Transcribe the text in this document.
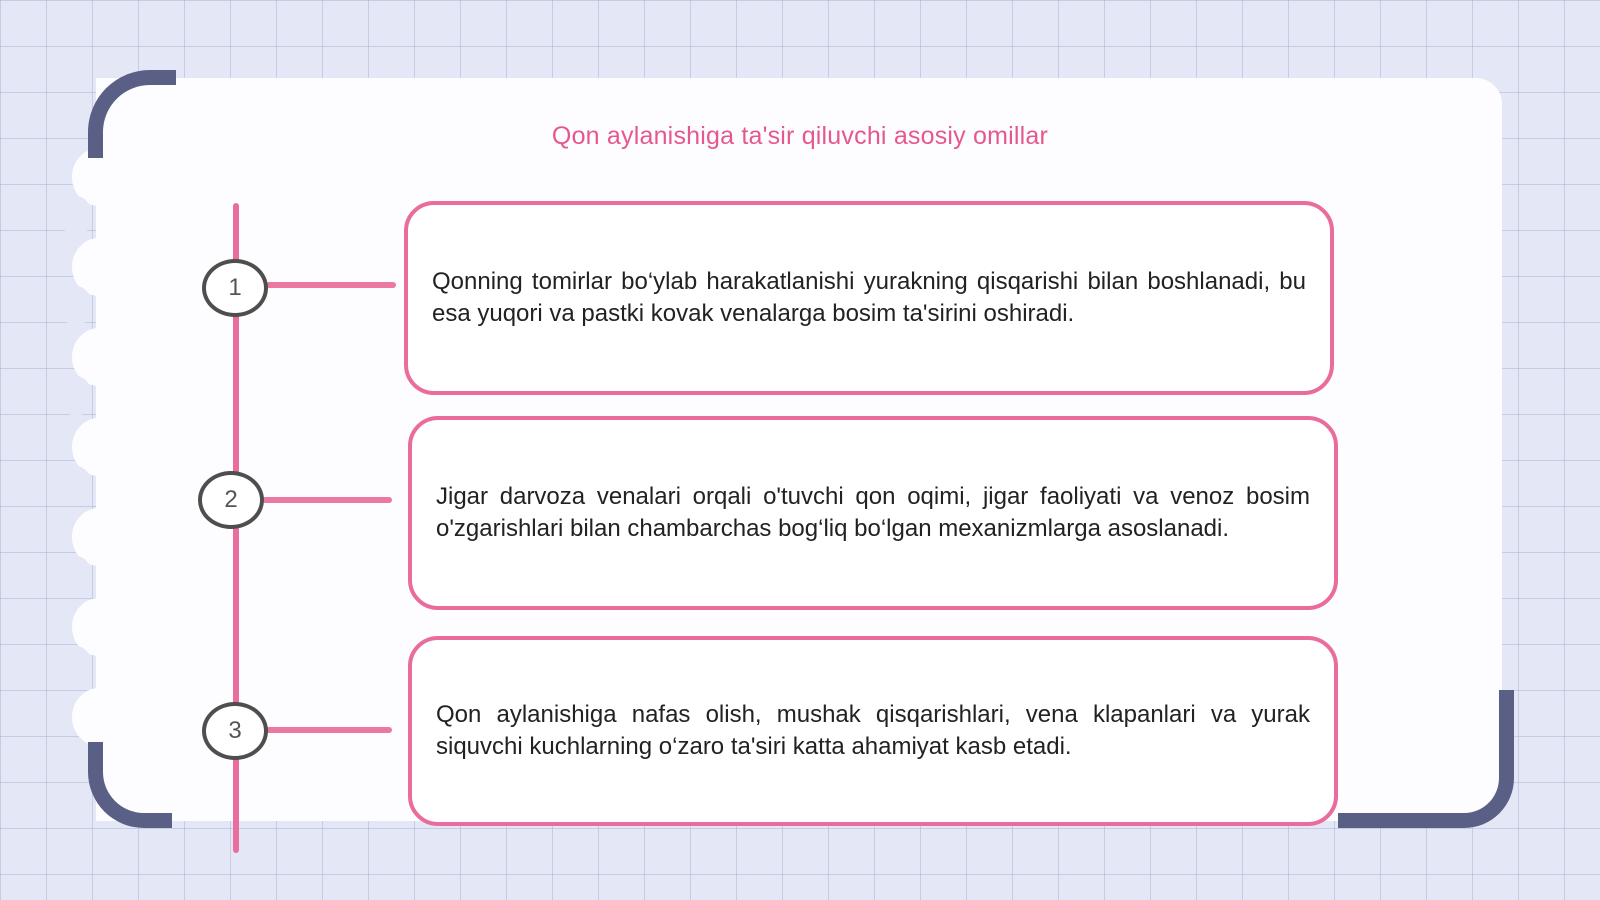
Qon aylanishiga ta'sir qiluvchi asosiy omillar
1
2
3

Qonning tomirlar bo‘ylab harakatlanishi yurakning qisqarishi bilan boshlanadi, bu esa yuqori va pastki kovak venalarga bosim ta'sirini oshiradi.

Jigar darvoza venalari orqali o'tuvchi qon oqimi, jigar faoliyati va venoz bosim o'zgarishlari bilan chambarchas bog‘liq bo‘lgan mexanizmlarga asoslanadi.

Qon aylanishiga nafas olish, mushak qisqarishlari, vena klapanlari va yurak siquvchi kuchlarning o‘zaro ta'siri katta ahamiyat kasb etadi.
